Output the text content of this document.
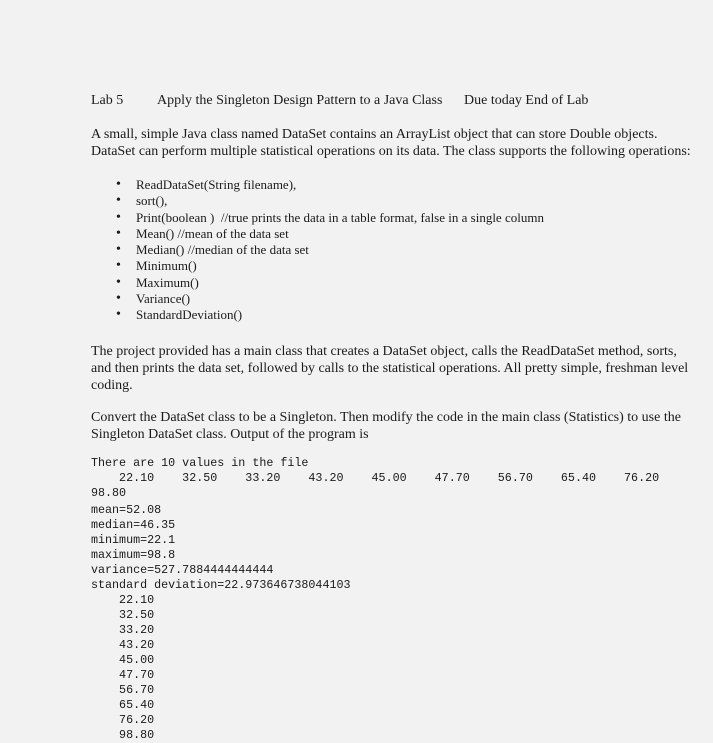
Lab 5 Apply the Singleton Design Pattern to a Java Class Due today End of Lab
A small, simple Java class named DataSet contains an ArrayList object that can store Double objects. DataSet can perform multiple statistical operations on its data. The class supports the following operations:
• ReadDataSet(String filename),
• sort(),
• Print(boolean )  //true prints the data in a table format, false in a single column
• Mean() //mean of the data set
• Median() //median of the data set
• Minimum()
• Maximum()
• Variance()
• StandardDeviation()
The project provided has a main class that creates a DataSet object, calls the ReadDataSet method, sorts, and then prints the data set, followed by calls to the statistical operations. All pretty simple, freshman level coding.
Convert the DataSet class to be a Singleton. Then modify the code in the main class (Statistics) to use the Singleton DataSet class. Output of the program is
There are 10 values in the file
22.10    32.50    33.20    43.20    45.00    47.70    56.70    65.40    76.20
98.80
mean=52.08
median=46.35
minimum=22.1
maximum=98.8
variance=527.7884444444444
standard deviation=22.973646738044103
22.10
32.50
33.20
43.20
45.00
47.70
56.70
65.40
76.20
98.80
